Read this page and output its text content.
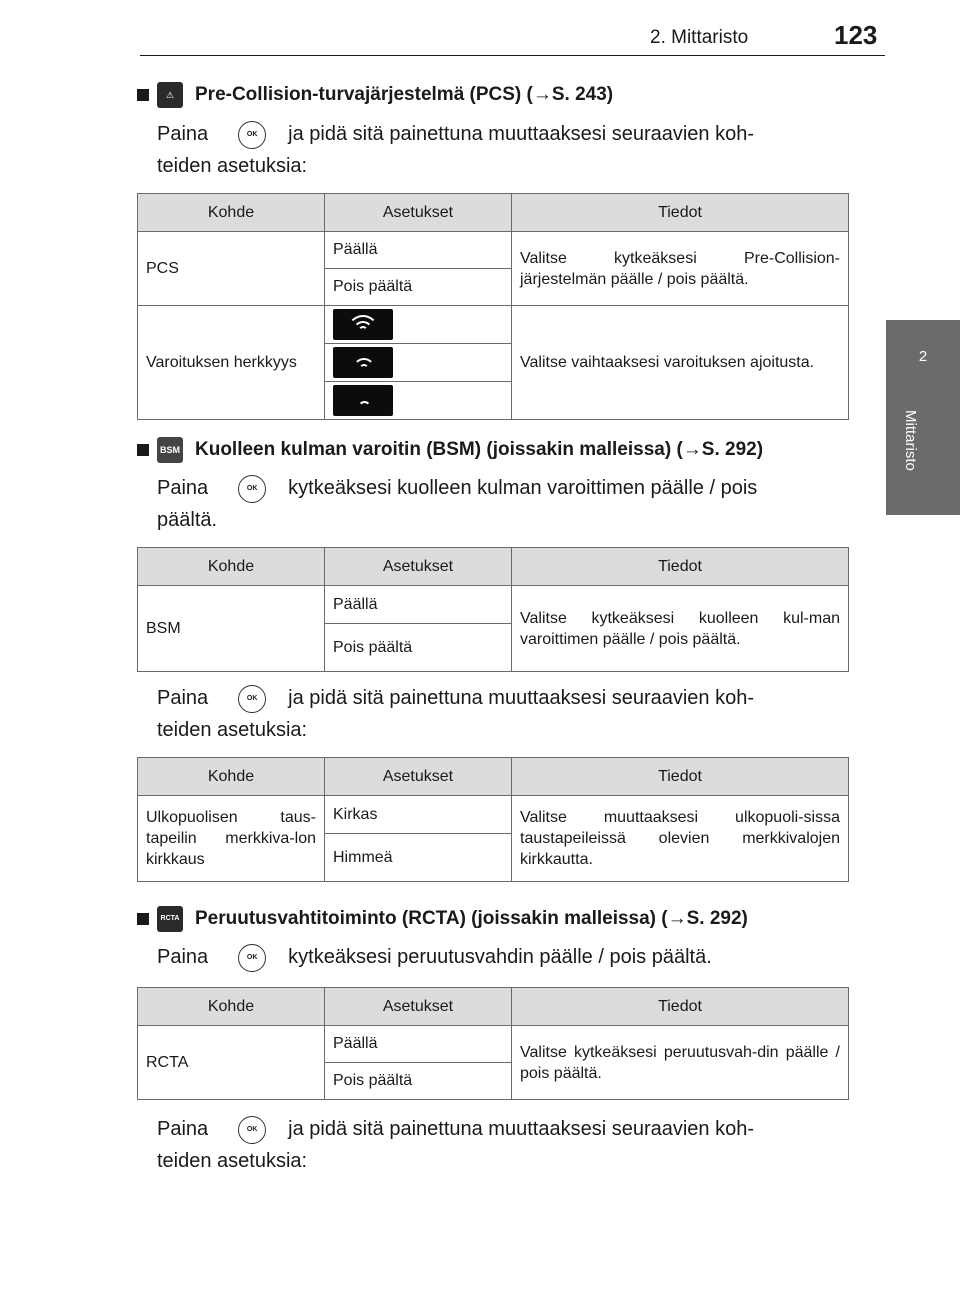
2. Mittaristo	123
2
Mittaristo
⚠	Pre-Collision-turvajärjestelmä (PCS) (→S. 243)
Paina	OK ja pidä sitä painettuna muuttaaksesi seuraavien koh-
teiden asetuksia:
Kohde	Asetukset	Tiedot
PCS	Päällä	Valitse kytkeäksesi Pre-Collision-järjestelmän päälle / pois päältä.
	Pois päältä	
Varoituksen herkkyys		Valitse vaihtaaksesi varoituksen ajoitusta.

BSM Kuolleen kulman varoitin (BSM) (joissakin malleissa) (→S. 292)
Paina	OK kytkeäksesi kuolleen kulman varoittimen päälle / pois
päältä.
Kohde	Asetukset	Tiedot
BSM	Päällä	Valitse kytkeäksesi kuolleen kul-man varoittimen päälle / pois päältä.
	Pois päältä	
Paina	OK ja pidä sitä painettuna muuttaaksesi seuraavien koh-
teiden asetuksia:
Kohde	Asetukset	Tiedot
Ulkopuolisen taus-tapeilin merkkiva-lon kirkkaus	Kirkas	Valitse muuttaaksesi ulkopuoli-sissa taustapeileissä olevien merkkivalojen kirkkautta.
	Himmeä	
RCTA Peruutusvahtitoiminto (RCTA) (joissakin malleissa) (→S. 292)
Paina	OK kytkeäksesi peruutusvahdin päälle / pois päältä.
Kohde	Asetukset	Tiedot
RCTA	Päällä	Valitse kytkeäksesi peruutusvah-din päälle / pois päältä.
	Pois päältä	
Paina	OK ja pidä sitä painettuna muuttaaksesi seuraavien koh-
teiden asetuksia:
